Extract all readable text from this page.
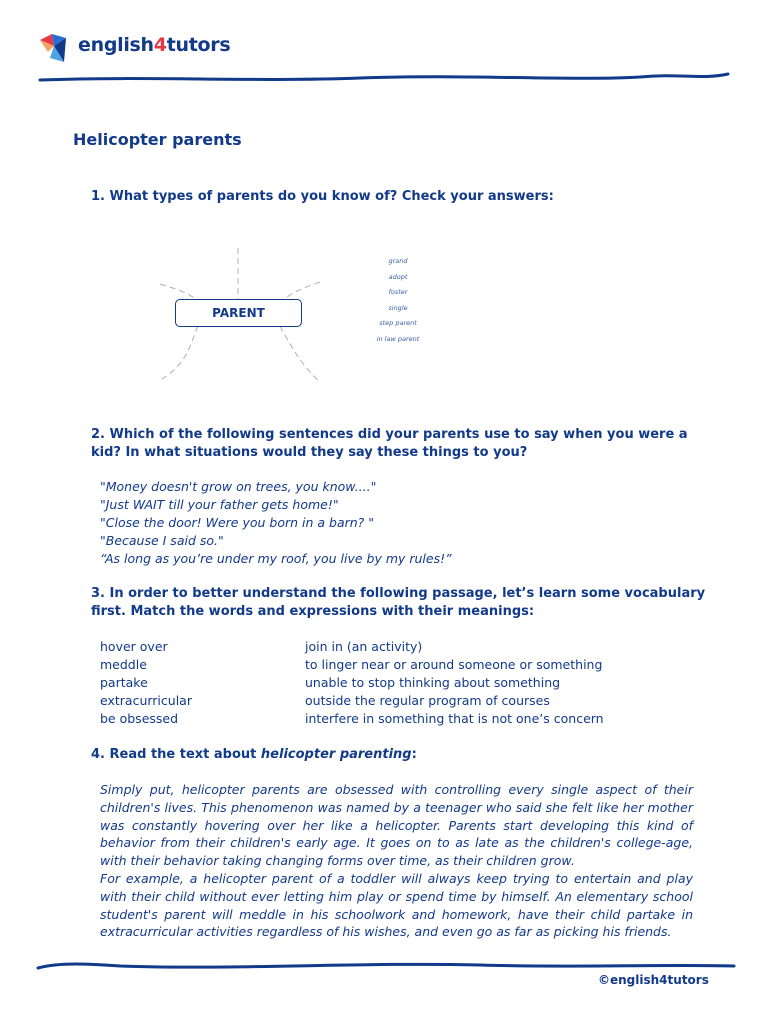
english4tutors
Helicopter parents
1. What types of parents do you know of? Check your answers:
PARENT
grand
adopt
foster
single
step parent
in law parent
2. Which of the following sentences did your parents use to say when you were a kid? In what situations would they say these things to you?
"Money doesn't grow on trees, you know...."
"Just WAIT till your father gets home!"
"Close the door! Were you born in a barn? "
"Because I said so."
“As long as you’re under my roof, you live by my rules!”
3. In order to better understand the following passage, let’s learn some vocabulary first. Match the words and expressions with their meanings:
hover over	join in (an activity)
meddle	to linger near or around someone or something
partake	unable to stop thinking about something
extracurricular	outside the regular program of courses
be obsessed	interfere in something that is not one’s concern
4. Read the text about helicopter parenting:

Simply put, helicopter parents are obsessed with controlling every single aspect of their children's lives. This phenomenon was named by a teenager who said she felt like her mother was constantly hovering over her like a helicopter. Parents start developing this kind of behavior from their children's early age. It goes on to as late as the children's college-age, with their behavior taking changing forms over time, as their children grow.

For example, a helicopter parent of a toddler will always keep trying to entertain and play with their child without ever letting him play or spend time by himself. An elementary school student's parent will meddle in his schoolwork and homework, have their child partake in extracurricular activities regardless of his wishes, and even go as far as picking his friends.

©english4tutors
